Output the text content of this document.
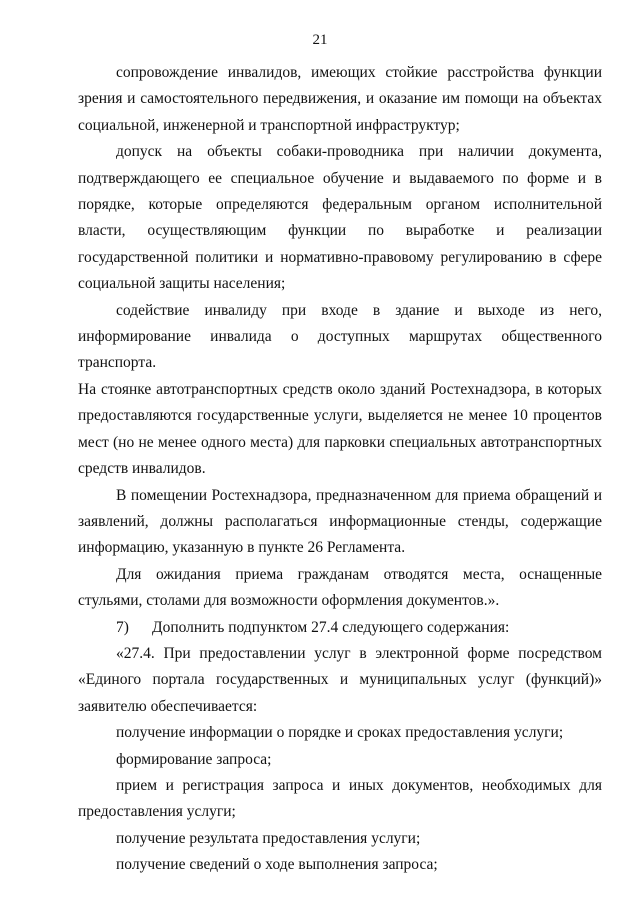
21

сопровождение инвалидов, имеющих стойкие расстройства функции зрения и самостоятельного передвижения, и оказание им помощи на объектах социальной, инженерной и транспортной инфраструктур;

допуск на объекты собаки-проводника при наличии документа, подтверждающего ее специальное обучение и выдаваемого по форме и в порядке, которые определяются федеральным органом исполнительной власти, осуществляющим функции по выработке и реализации государственной политики и нормативно-правовому регулированию в сфере социальной защиты населения;

содействие инвалиду при входе в здание и выходе из него, информирование инвалида о доступных маршрутах общественного транспорта.

На стоянке автотранспортных средств около зданий Ростехнадзора, в которых предоставляются государственные услуги, выделяется не менее 10 процентов мест (но не менее одного места) для парковки специальных автотранспортных средств инвалидов.

В помещении Ростехнадзора, предназначенном для приема обращений и заявлений, должны располагаться информационные стенды, содержащие информацию, указанную в пункте 26 Регламента.

Для ожидания приема гражданам отводятся места, оснащенные стульями, столами для возможности оформления документов.».

7) Дополнить подпунктом 27.4 следующего содержания:

«27.4. При предоставлении услуг в электронной форме посредством «Единого портала государственных и муниципальных услуг (функций)» заявителю обеспечивается:

получение информации о порядке и сроках предоставления услуги;

формирование запроса;

прием и регистрация запроса и иных документов, необходимых для предоставления услуги;

получение результата предоставления услуги;

получение сведений о ходе выполнения запроса;
